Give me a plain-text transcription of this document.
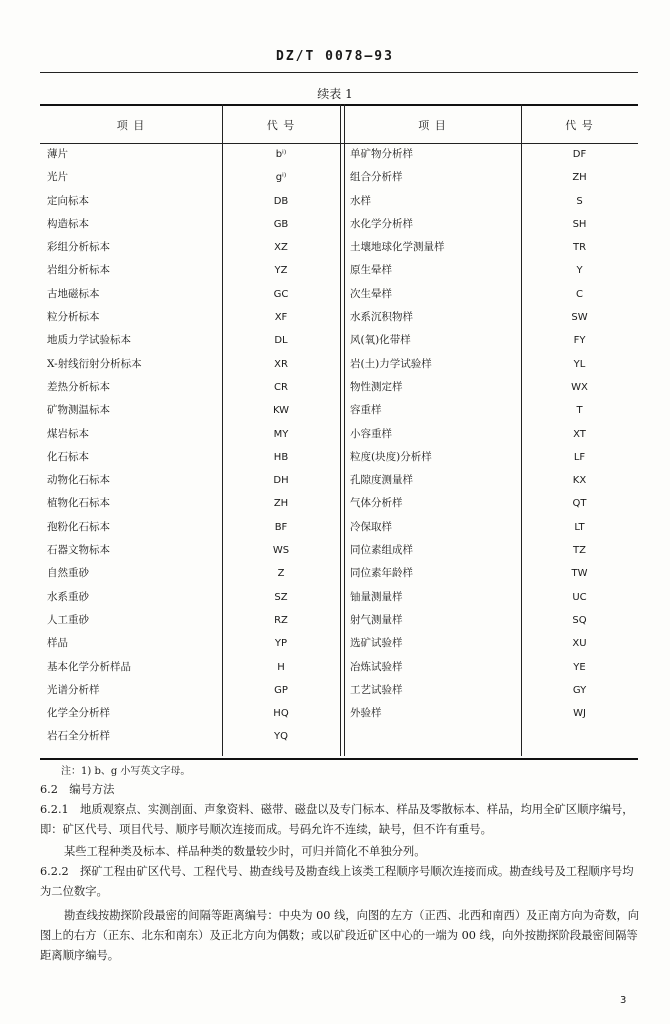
DZ/T 0078—93
续表 1
项 目	代 号	项 目	代 号
薄片	bⁱ⁾	单矿物分析样	DF
光片	gⁱ⁾	组合分析样	ZH
定向标本	DB	水样	S
构造标本	GB	水化学分析样	SH
彩组分析标本	XZ	土壤地球化学测量样	TR
岩组分析标本	YZ	原生晕样	Y
古地磁标本	GC	次生晕样	C
粒分析标本	XF	水系沉积物样	SW
地质力学试验标本	DL	风(氧)化带样	FY
X-射线衍射分析标本	XR	岩(土)力学试验样	YL
差热分析标本	CR	物性测定样	WX
矿物测温标本	KW	容重样	T
煤岩标本	MY	小容重样	XT
化石标本	HB	粒度(块度)分析样	LF
动物化石标本	DH	孔隙度测量样	KX
植物化石标本	ZH	气体分析样	QT
孢粉化石标本	BF	冷保取样	LT
石器文物标本	WS	同位素组成样	TZ
自然重砂	Z	同位素年龄样	TW
水系重砂	SZ	铀量测量样	UC
人工重砂	RZ	射气测量样	SQ
样品	YP	选矿试验样	XU
基本化学分析样品	H	冶炼试验样	YE
光谱分析样	GP	工艺试验样	GY
化学全分析样	HQ	外验样	WJ
岩石全分析样	YQ
注：1) b、g 小写英文字母。
6.2　编号方法
6.2.1　地质观察点、实测剖面、声象资料、磁带、磁盘以及专门标本、样品及零散标本、样品，均用全矿区顺序编号，即：矿区代号、项目代号、顺序号顺次连接而成。号码允许不连续，缺号，但不许有重号。
某些工程种类及标本、样品种类的数量较少时，可归并简化不单独分列。
6.2.2　探矿工程由矿区代号、工程代号、勘查线号及勘查线上该类工程顺序号顺次连接而成。勘查线号及工程顺序号均为二位数字。
勘查线按勘探阶段最密的间隔等距离编号：中央为 00 线，向图的左方（正西、北西和南西）及正南方向为奇数，向图上的右方（正东、北东和南东）及正北方向为偶数；或以矿段近矿区中心的一端为 00 线，向外按勘探阶段最密间隔等距离顺序编号。
3
